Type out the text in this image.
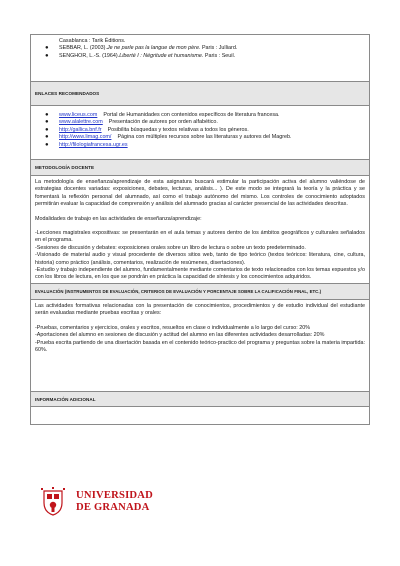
Casablanca : Tarik Éditions.
●	SEBBAR, L. (2003). Je ne parle pas la langue de mon père . Paris : Julliard.
●	SENGHOR, L.-S. (1964). Liberté I : Négritude et humanisme . Paris : Seuil.
ENLACES RECOMENDADOS
●	www.liceus.com Portal de Humanidades con contenidos específicos de literatura francesa.
●	www.alalettre.com Presentación de autores por orden alfabético.
●	http://gallica.bnf.fr Posibilita búsquedas y textos relativas a todos los géneros.
●	http://www.limag.com/ Página con múltiples recursos sobre las literaturas y autores del Magreb.
●	http://filologiafrancesa.ugr.es
METODOLOGÍA DOCENTE
La metodología de enseñanza/aprendizaje de esta asignatura buscará estimular la participación activa del alumno valiéndose de estrategias docentes variadas: exposiciones, debates, lecturas, análisis... ). De este modo se integrará la teoría y la práctica y se fomentará la reflexión personal del alumnado, así como el trabajo autónomo del mismo. Los controles de conocimiento adoptados permitirán evaluar la capacidad de comprensión y análisis del alumnado gracias al carácter presencial de las actividades descritas.
Modalidades de trabajo en las actividades de enseñanza/aprendizaje:
-Lecciones magistrales expositivas: se presentarán en el aula temas y autores dentro de los ámbitos geográficos y culturales señalados en el programa.
-Sesiones de discusión y debates: exposiciones orales sobre un libro de lectura o sobre un texto predeterminado.
-Visionado de material audio y visual procedente de diversos sitios web, tanto de tipo teórico (textos teóricos: literatura, cine, cultura, historia) como práctico (análisis, comentarios, realización de resúmenes, disertaciones).
-Estudio y trabajo independiente del alumno, fundamentalmente mediante comentarios de texto relacionados con los temas expuestos y/o con los libros de lectura, en los que se pondrán en práctica la capacidad de síntesis y los conocimientos adquiridos.
EVALUACIÓN (INSTRUMENTOS DE EVALUACIÓN, CRITERIOS DE EVALUACIÓN Y PORCENTAJE SOBRE LA CALIFICACIÓN FINAL, ETC.)
Las actividades formativas relacionadas con la presentación de conocimientos, procedimientos y de estudio individual del estudiante serán evaluadas mediante pruebas escritas y orales:
-Pruebas, comentarios y ejercicios, orales y escritos, resueltos en clase o individualmente a lo largo del curso: 20%
-Aportaciones del alumno en sesiones de discusión y actitud del alumno en las diferentes actividades desarrolladas: 20%
-Prueba escrita partiendo de una disertación basada en el contenido teórico-practico del programa y preguntas sobre la materia impartida: 60%.
INFORMACIÓN ADICIONAL
UNIVERSIDAD
DE GRANADA
